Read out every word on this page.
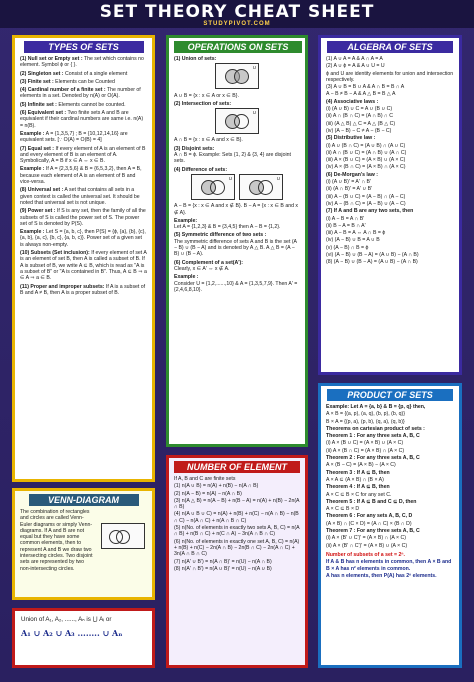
SET THEORY CHEAT SHEET
STUDYPIVOT.COM
TYPES OF SETS
(1) Null set or Empty set : The set which contains no element. Symbol ϕ or { }.
(2) Singleton set : Consist of a single element
(3) Finite set : Elements can be Counted
(4) Cardinal number of a finite set : The number of elements in a set. Denoted by n(A) or O(A).
(5) Infinite set : Elements cannot be counted.
(6) Equivalent set : Two finite sets A and B are equivalent if their cardinal numbers are same i.e. n(A) = n(B).
Example : A = {1,3,5,7} ; B = {10,12,14,16} are equivalent sets. [∵ O(A) = O(B) = 4]
(7) Equal set : If every element of A is an element of B and every element of B is an element of A. Symbolically, A = B if x ∈ A ⇔ x ∈ B.
Example : If A = {2,3,5,6} & B = {6,5,3,2}, then A = B, because each element of A is an element of B and vice-versa.
(8) Universal set : A set that contains all sets in a given context is called the universal set. It should be noted that universal set is not unique.
(9) Power set : If S is any set, then the family of all the subsets of S is called the power set of S. The power set of S is denoted by P(S).
Example : Let S = {a, b, c}, then P(S) = {ϕ, {a}, {b}, {c}, {a, b}, {a, c}, {b, c}, {a, b, c}}. Power set of a given set is always non-empty.
(10) Subsets (Set inclusion): If every element of set A is an element of set B, then A is called a subset of B. If A is subset of B, we write A ⊆ B, which is read as "A is a subset of B" or "A is contained in B". Thus, A ⊆ B ⇒ a ∈ A ⇒ a ∈ B.
(11) Proper and improper subsets: If A is a subset of B and A ≠ B, then A is a proper subset of B.
VENN-DIAGRAM
The combination of rectangles and circles are called Venn-Euler diagrams or simply Venn-diagrams. If A and B are not equal but they have some common elements, then to represent A and B we draw two intersecting circles. Two disjoint sets are represented by two non-intersecting circles.
Union of A₁, A₂, ......, Aₙ is ⋃ Aᵢ or
A₁ ∪ A₂ ∪ A₃ ........ ∪ Aₙ
OPERATIONS ON SETS
(1) Union of sets:
U
A ∪ B = {x : x ∈ A or x ∈ B}.
(2) Intersection of sets:
U
A ∩ B = {x : x ∈ A and x ∈ B}.
(3) Disjoint sets:
A ∩ B = ϕ. Example: Sets {1, 2} & {3, 4} are disjoint sets.
(4) Difference of sets:
U	U
A − B = {x : x ∈ A and x ∉ B}. B − A = {x : x ∈ B and x ∉ A}.
Example:
Let A = {1,2,3} & B = {3,4,5} then A − B = {1,2}.
(5) Symmetric difference of two sets :
The symmetric difference of sets A and B is the set (A − B) ∪ (B − A) and is denoted by A △ B. A △ B = (A − B) ∪ (B − A).
(6) Complement of a set(A'):
Clearly, x ∈ A' ⇔ x ∉ A.
Example :
Consider U = {1,2,......,10} & A = {1,3,5,7,9}. Then A' = {2,4,6,8,10}.
NUMBER OF ELEMENT
If A, B and C are finite sets
(1) n(A ∪ B) = n(A) + n(B) − n(A ∩ B)
(2) n(A − B) = n(A) − n(A ∩ B)
(3) n(A △ B) = n(A − B) + n(B − A) = n(A) + n(B) − 2n(A ∩ B)
(4) n(A ∪ B ∪ C) = n(A) + n(B) + n(C) − n(A ∩ B) − n(B ∩ C) − n(A ∩ C) + n(A ∩ B ∩ C)
(5) n(No. of elements in exactly two sets A, B, C) = n(A ∩ B) + n(B ∩ C) + n(C ∩ A) − 3n(A ∩ B ∩ C)
(6) n(No. of elements in exactly one set A, B, C) = n(A) + n(B) + n(C) − 2n(A ∩ B) − 2n(B ∩ C) − 2n(A ∩ C) + 3n(A ∩ B ∩ C)
(7) n(A' ∪ B') = n(A ∩ B)' = n(U) − n(A ∩ B)
(8) n(A' ∩ B') = n(A ∪ B)' = n(U) − n(A ∪ B)
ALGEBRA OF SETS
(1) A ∪ A = A & A ∩ A = A
(2) A ∪ ϕ = A & A ∪ U = U
ϕ and U are identity elements for union and intersection respectively.
(3) A ∪ B = B ∪ A & A ∩ B = B ∩ A
A − B ≠ B − A & A △ B = B △ A
(4) Associative laws :
(i) (A ∪ B) ∪ C = A ∪ (B ∪ C)
(ii) A ∩ (B ∩ C) = (A ∩ B) ∩ C
(iii) (A △ B) △ C = A △ (B △ C)
(iv) (A − B) − C ≠ A − (B − C)
(5) Distributive law :
(i) A ∪ (B ∩ C) = (A ∪ B) ∩ (A ∪ C)
(ii) A ∩ (B ∪ C) = (A ∩ B) ∪ (A ∩ C)
(iii) A × (B ∪ C) = (A × B) ∪ (A × C)
(iv) A × (B ∩ C) = (A × B) ∩ (A × C)
(6) De-Morgan's law :
(i) (A ∪ B)' = A' ∩ B'
(ii) (A ∩ B)' = A' ∪ B'
(iii) A − (B ∪ C) = (A − B) ∩ (A − C)
(iv) A − (B ∩ C) = (A − B) ∪ (A − C)
(7) If A and B are any two sets, then
(i) A − B = A ∩ B'
(ii) B − A = B ∩ A'
(iii) A − B = A ⇔ A ∩ B = ϕ
(iv) (A − B) ∪ B = A ∪ B
(v) (A − B) ∩ B = ϕ
(vi) (A − B) ∪ (B − A) = (A ∪ B) − (A ∩ B)
(8) (A − B) ∪ (B − A) = (A ∪ B) − (A ∩ B)
PRODUCT OF SETS
Example: Let A = {a, b} & B = {p, q} then,
A × B = {(a, p), (a, q), (b, p), (b, q)}
B × A = {(p, a), (p, b), (q, a), (q, b)}
Theorems on cartesian product of sets :
Theorem 1 : For any three sets A, B, C
(i) A × (B ∪ C) = (A × B) ∪ (A × C)
(ii) A × (B ∩ C) = (A × B) ∩ (A × C)
Theorem 2 : For any three sets A, B, C
A × (B − C) = (A × B) − (A × C)
Theorem 3 : If A ⊆ B, then
A × A ⊆ (A × B) ∩ (B × A)
Theorem 4 : If A ⊆ B, then
A × C ⊆ B × C for any set C.
Theorem 5 : If A ⊆ B and C ⊆ D, then
A × C ⊆ B × D
Theorem 6 : For any sets A, B, C, D
(A × B) ∩ (C × D) = (A ∩ C) × (B ∩ D)
Theorem 7 : For any three sets A, B, C
(i) A × (B' ∪ C')' = (A × B) ∩ (A × C)
(ii) A × (B' ∩ C')' = (A × B) ∪ (A × C)
Number of subsets of a set = 2ⁿ.
If A & B has n elements in common, then A × B and B × A has n² elements in common.
A has n elements, then P(A) has 2ⁿ elements.
